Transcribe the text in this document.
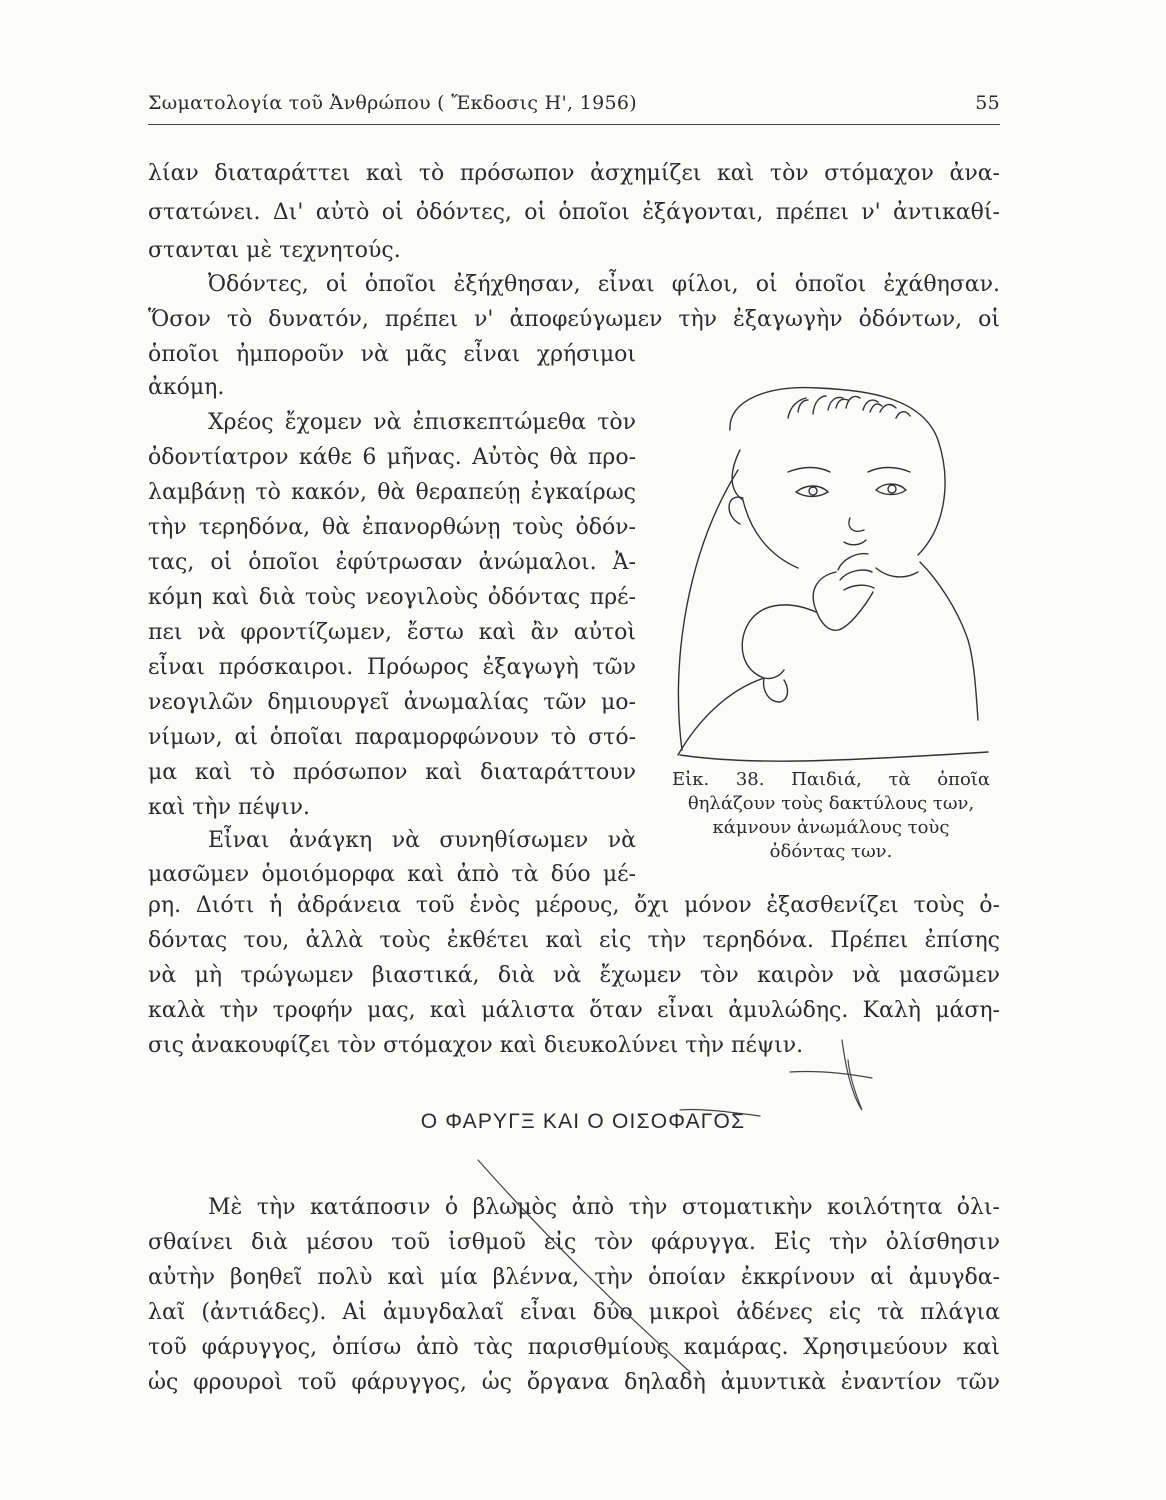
Σωματολογία τοῦ Ἀνθρώπου ( Ἔκδοσις Η', 1956)	55
λίαν διαταράττει καὶ τὸ πρόσωπον ἀσχημίζει καὶ τὸν στόμαχον ἀνα-
στατώνει. Δι' αὐτὸ οἱ ὀδόντες, οἱ ὁποῖοι ἐξάγονται, πρέπει ν' ἀντικαθί-
στανται μὲ τεχνητούς.
Ὀδόντες, οἱ ὁποῖοι ἐξήχθησαν, εἶναι φίλοι, οἱ ὁποῖοι ἐχάθησαν.
Ὅσον τὸ δυνατόν, πρέπει ν' ἀποφεύγωμεν τὴν ἐξαγωγὴν ὀδόντων, οἱ
ὁποῖοι ἠμποροῦν νὰ μᾶς εἶναι χρήσιμοι
ἀκόμη.
Χρέος ἔχομεν νὰ ἐπισκεπτώμεθα τὸν
ὀδοντίατρον κάθε 6 μῆνας. Αὐτὸς θὰ προ-
λαμβάνῃ τὸ κακόν, θὰ θεραπεύῃ ἐγκαίρως
τὴν τερηδόνα, θὰ ἐπανορθώνῃ τοὺς ὀδόν-
τας, οἱ ὁποῖοι ἐφύτρωσαν ἀνώμαλοι. Ἀ-
κόμη καὶ διὰ τοὺς νεογιλοὺς ὀδόντας πρέ-
πει νὰ φροντίζωμεν, ἔστω καὶ ἂν αὐτοὶ
εἶναι πρόσκαιροι. Πρόωρος ἐξαγωγὴ τῶν
νεογιλῶν δημιουργεῖ ἀνωμαλίας τῶν μο-
νίμων, αἱ ὁποῖαι παραμορφώνουν τὸ στό-
μα καὶ τὸ πρόσωπον καὶ διαταράττουν
καὶ τὴν πέψιν.
Εἶναι ἀνάγκη νὰ συνηθίσωμεν νὰ
μασῶμεν ὁμοιόμορφα καὶ ἀπὸ τὰ δύο μέ-
ρη. Διότι ἡ ἀδράνεια τοῦ ἑνὸς μέρους, ὄχι μόνον ἐξασθενίζει τοὺς ὀ-
δόντας του, ἀλλὰ τοὺς ἐκθέτει καὶ εἰς τὴν τερηδόνα. Πρέπει ἐπίσης
νὰ μὴ τρώγωμεν βιαστικά, διὰ νὰ ἔχωμεν τὸν καιρὸν νὰ μασῶμεν
καλὰ τὴν τροφήν μας, καὶ μάλιστα ὅταν εἶναι ἀμυλώδης. Καλὴ μάση-
σις ἀνακουφίζει τὸν στόμαχον καὶ διευκολύνει τὴν πέψιν.
Ο ΦΑΡΥΓΞ ΚΑΙ Ο ΟΙΣΟΦΑΓΟΣ
Μὲ τὴν κατάποσιν ὁ βλωμὸς ἀπὸ τὴν στοματικὴν κοιλότητα ὀλι-
σθαίνει διὰ μέσου τοῦ ἰσθμοῦ εἰς τὸν φάρυγγα. Εἰς τὴν ὀλίσθησιν
αὐτὴν βοηθεῖ πολὺ καὶ μία βλέννα, τὴν ὁποίαν ἐκκρίνουν αἱ ἀμυγδα-
λαῖ (ἀντιάδες). Αἱ ἀμυγδαλαῖ εἶναι δύο μικροὶ ἀδένες εἰς τὰ πλάγια
τοῦ φάρυγγος, ὀπίσω ἀπὸ τὰς παρισθμίους καμάρας. Χρησιμεύουν καὶ
ὡς φρουροὶ τοῦ φάρυγγος, ὡς ὄργανα δηλαδὴ ἀμυντικὰ ἐναντίον τῶν
Εἰκ. 38. Παιδιά, τὰ ὁποῖα
θηλάζουν τοὺς δακτύλους των,
κάμνουν ἀνωμάλους τοὺς
ὀδόντας των.
